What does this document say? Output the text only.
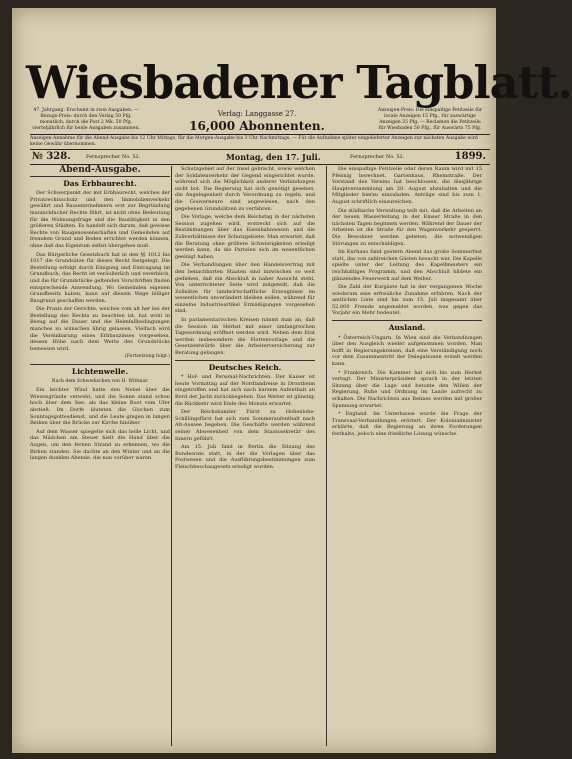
Wiesbadener Tagblatt.
47. Jahrgang. Erscheint in zwei Ausgaben. — Bezugs-Preis: durch den Verlag 50 Pfg. monatlich, durch die Post 2 Mk. 50 Pfg. vierteljährlich für beide Ausgaben zusammen.
Verlag: Langgasse 27.
16,000 Abonnenten.
Anzeigen-Preis: Die einspaltige Petitzeile für locale Anzeigen 15 Pfg., für auswärtige Anzeigen 25 Pfg. — Reclamen die Petitzeile für Wiesbaden 50 Pfg., für Auswärts 75 Pfg.
Anzeigen-Annahme für die Abend-Ausgabe bis 12 Uhr Mittags, für die Morgen-Ausgabe bis 3 Uhr Nachmittags. — Für die Aufnahme später eingelieferter Anzeigen zur nächsten Ausgabe wird keine Gewähr übernommen.
№ 328.	Fernsprecher No. 52.	Montag, den 17. Juli.	Fernsprecher No. 52.	1899.
Abend-Ausgabe.
Das Erbbaurecht.

Der Schwerpunkt der mit Erbbaurecht, welches der Privatrechtsschutz und den Immobilienverkehr gewährt und Bauunternehmern erst zur Begründung mannichfacher Rechte führt, ist nicht ohne Bedeutung für die Wohnungsfrage und die Bautätigkeit in den größeren Städten. Es handelt sich darum, daß gewisse Rechte von Baugenossenschaften und Gemeinden auf fremdem Grund und Boden errichtet werden können, ohne daß das Eigentum selbst übergehen muß.

Das Bürgerliche Gesetzbuch hat in den §§ 1012 bis 1017 die Grundsätze für dieses Recht festgelegt. Die Bestellung erfolgt durch Einigung und Eintragung im Grundbuch; das Recht ist veräußerlich und vererblich, und die für Grundstücke geltenden Vorschriften finden entsprechende Anwendung. Wo Gemeinden eigenen Grundbesitz haben, kann auf diesem Wege billiger Baugrund geschaffen werden.

Die Praxis der Gerichte, welches vom alt her bei der Bestellung des Rechts zu beachten ist, hat wohl in Bezug auf die Dauer und die Heimfallbedingungen manches zu wünschen übrig gelassen. Vielfach wird die Vereinbarung eines Erbbauzinses vorgesehen, dessen Höhe nach dem Werte des Grundstücks bemessen wird.

(Fortsetzung folgt.)
Lichtenwelle.
Nach dem Schwedischen von H. Wittmar.

Ein leichter Wind hatte den Nebel über die Wiesengründe verweht, und die Sonne stand schon hoch über dem See, als das kleine Boot vom Ufer abstieß. Im Dorfe läuteten die Glocken zum Sonntagsgottesdienst, und die Leute gingen in langen Reihen über die Brücke zur Kirche hinüber.

Auf dem Wasser spiegelte sich das helle Licht, und das Mädchen am Steuer hielt die Hand über die Augen, um den fernen Strand zu erkennen, wo die Birken standen. Sie dachte an den Winter und an die langen dunklen Abende, die nun vorüber waren.

Schutzgebiet auf der Insel gebracht, sowie welchen der Soldatenverkehr der Gegend eingerichtet wurde, während sich die Möglichkeit anderer Verbindungen nicht bot. Die Regierung hat sich genötigt gesehen, die Angelegenheit durch Verordnung zu regeln, und die Gouverneure sind angewiesen, nach den gegebenen Grundsätzen zu verfahren.

Die Vorlage, welche dem Reichstag in der nächsten Session zugehen wird, erstreckt sich auf die Bestimmungen über das Eisenbahnwesen und die Zollverhältnisse der Schutzgebiete. Man erwartet, daß die Beratung ohne größere Schwierigkeiten erledigt werden kann, da die Parteien sich im wesentlichen geeinigt haben.

Die Verhandlungen über den Handelsvertrag mit den benachbarten Staaten sind inzwischen so weit gediehen, daß ein Abschluß in naher Aussicht steht. Von unterrichteter Seite wird mitgeteilt, daß die Zollsätze für landwirtschaftliche Erzeugnisse im wesentlichen unverändert bleiben sollen, während für einzelne Industrieartikel Ermäßigungen vorgesehen sind.

In parlamentarischen Kreisen nimmt man an, daß die Session im Herbst mit einer umfangreichen Tagesordnung eröffnet werden wird. Neben dem Etat werden insbesondere die Flottenvorlage und die Gesetzentwürfe über die Arbeiterversicherung zur Beratung gelangen.

Deutsches Reich.

* Hof- und Personal-Nachrichten. Der Kaiser ist heute Vormittag auf der Nordlandreise in Drontheim eingetroffen und hat sich nach kurzem Aufenthalt an Bord der Jacht zurückbegeben. Das Wetter ist günstig; die Rückkehr wird Ende des Monats erwartet.

Der Reichskanzler Fürst zu Hohenlohe-Schillingsfürst hat sich zum Sommeraufenthalt nach Alt-Aussee begeben. Die Geschäfte werden während seiner Abwesenheit von dem Staatssekretär des Innern geführt.

Am 15. Juli fand in Berlin die Sitzung des Bundesrats statt, in der die Vorlagen über das Postwesen und die Ausführungsbestimmungen zum Fleischbeschaugesetz erledigt wurden.

Die einspaltige Petitzeile oder deren Raum wird mit 15 Pfennig berechnet. Gartenhaus, Rheinstraße. Der Vorstand des Vereins hat beschlossen, die diesjährige Hauptversammlung am 20. August abzuhalten und die Mitglieder hierzu einzuladen. Anträge sind bis zum 1. August schriftlich einzureichen.

Die städtische Verwaltung teilt mit, daß die Arbeiten an der neuen Wasserleitung in der Emser Straße in den nächsten Tagen beginnen werden. Während der Dauer der Arbeiten ist die Straße für den Wagenverkehr gesperrt. Die Bewohner werden gebeten, die notwendigen Störungen zu entschuldigen.

Im Kurhaus fand gestern Abend das große Sommerfest statt, das von zahlreichen Gästen besucht war. Die Kapelle spielte unter der Leitung des Kapellmeisters ein reichhaltiges Programm, und den Abschluß bildete ein glänzendes Feuerwerk auf dem Weiher.

Die Zahl der Kurgäste hat in der vergangenen Woche wiederum eine erfreuliche Zunahme erfahren. Nach der amtlichen Liste sind bis zum 15. Juli insgesamt über 52.000 Fremde angemeldet worden, was gegen das Vorjahr ein Mehr bedeutet.

Ausland.

* Österreich-Ungarn. In Wien sind die Verhandlungen über den Ausgleich wieder aufgenommen worden. Man hofft in Regierungskreisen, daß eine Verständigung noch vor dem Zusammentritt der Delegationen erzielt werden kann.

* Frankreich. Die Kammer hat sich bis zum Herbst vertagt. Der Ministerpräsident sprach in der letzten Sitzung über die Lage und betonte den Willen der Regierung, Ruhe und Ordnung im Lande aufrecht zu erhalten. Die Nachrichten aus Rennes werden mit großer Spannung erwartet.

* England. Im Unterhause wurde die Frage der Transvaal-Verhandlungen erörtert. Der Kolonialminister erklärte, daß die Regierung an ihren Forderungen festhalte, jedoch eine friedliche Lösung wünsche.
